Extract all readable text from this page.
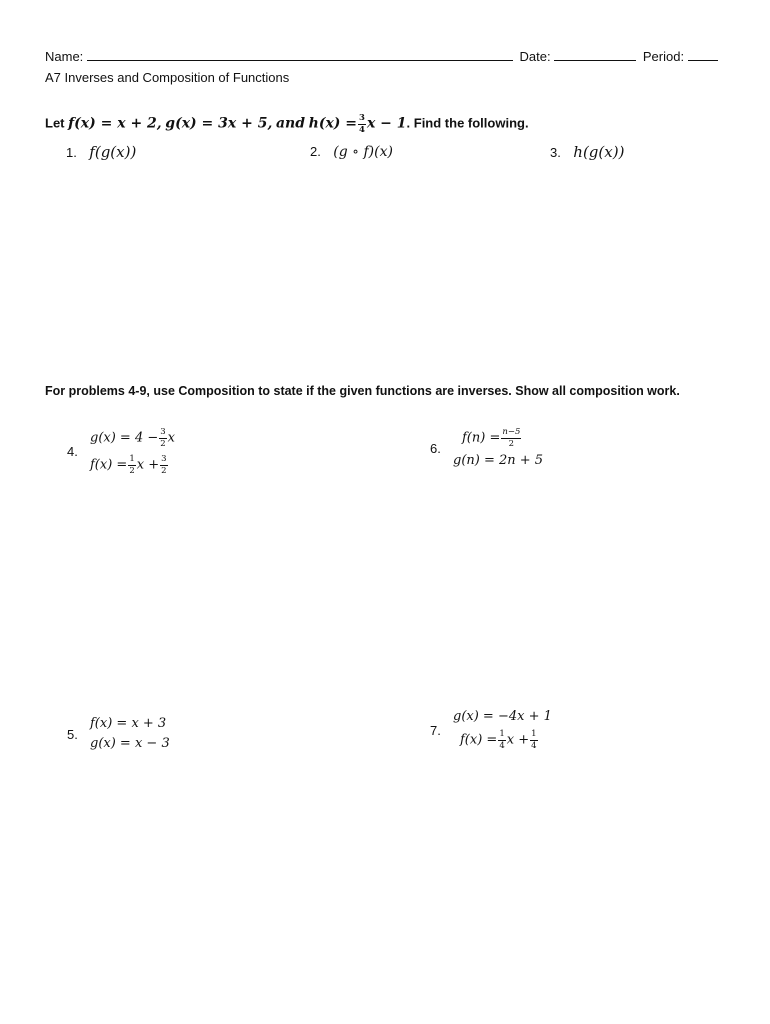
Name:	Date:	Period:
A7 Inverses and Composition of Functions
Let f(x) = x + 2, g(x) = 3x + 5, and $h(x) = \frac{3}{4}$ x − 1. Find the following.
1. f(g(x))	2. (g ∘ f)(x)	3. h(g(x))
For problems 4-9, use Composition to state if the given functions are inverses. Show all composition work.
4.
$g(x) = 4 - \frac{3}{2}$ x
$f(x) = \frac{1}{2}$ $x + \frac{3}{2}$
6.
$f(n) = \frac{n-5}{2}$
g(n) = 2n + 5
5.
f(x) = x + 3
g(x) = x − 3
7.
g(x) = −4x + 1
$f(x) = \frac{1}{4}$ $x + \frac{1}{4}$
